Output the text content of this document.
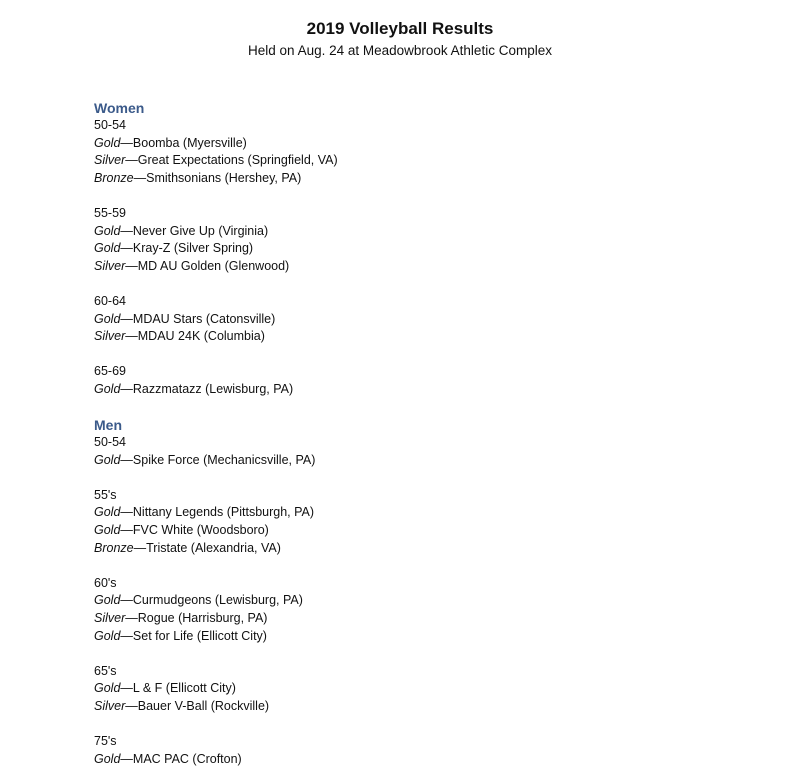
2019 Volleyball Results

Held on Aug. 24 at Meadowbrook Athletic Complex

Women
50-54
Gold—Boomba (Myersville)
Silver—Great Expectations (Springfield, VA)
Bronze—Smithsonians (Hershey, PA)
55-59
Gold—Never Give Up (Virginia)
Gold—Kray-Z (Silver Spring)
Silver—MD AU Golden (Glenwood)
60-64
Gold—MDAU Stars (Catonsville)
Silver—MDAU 24K (Columbia)
65-69
Gold—Razzmatazz (Lewisburg, PA)
Men
50-54
Gold—Spike Force (Mechanicsville, PA)
55's
Gold—Nittany Legends (Pittsburgh, PA)
Gold—FVC White (Woodsboro)
Bronze—Tristate (Alexandria, VA)
60's
Gold—Curmudgeons (Lewisburg, PA)
Silver—Rogue (Harrisburg, PA)
Gold—Set for Life (Ellicott City)
65's
Gold—L & F (Ellicott City)
Silver—Bauer V-Ball (Rockville)
75's
Gold—MAC PAC (Crofton)
